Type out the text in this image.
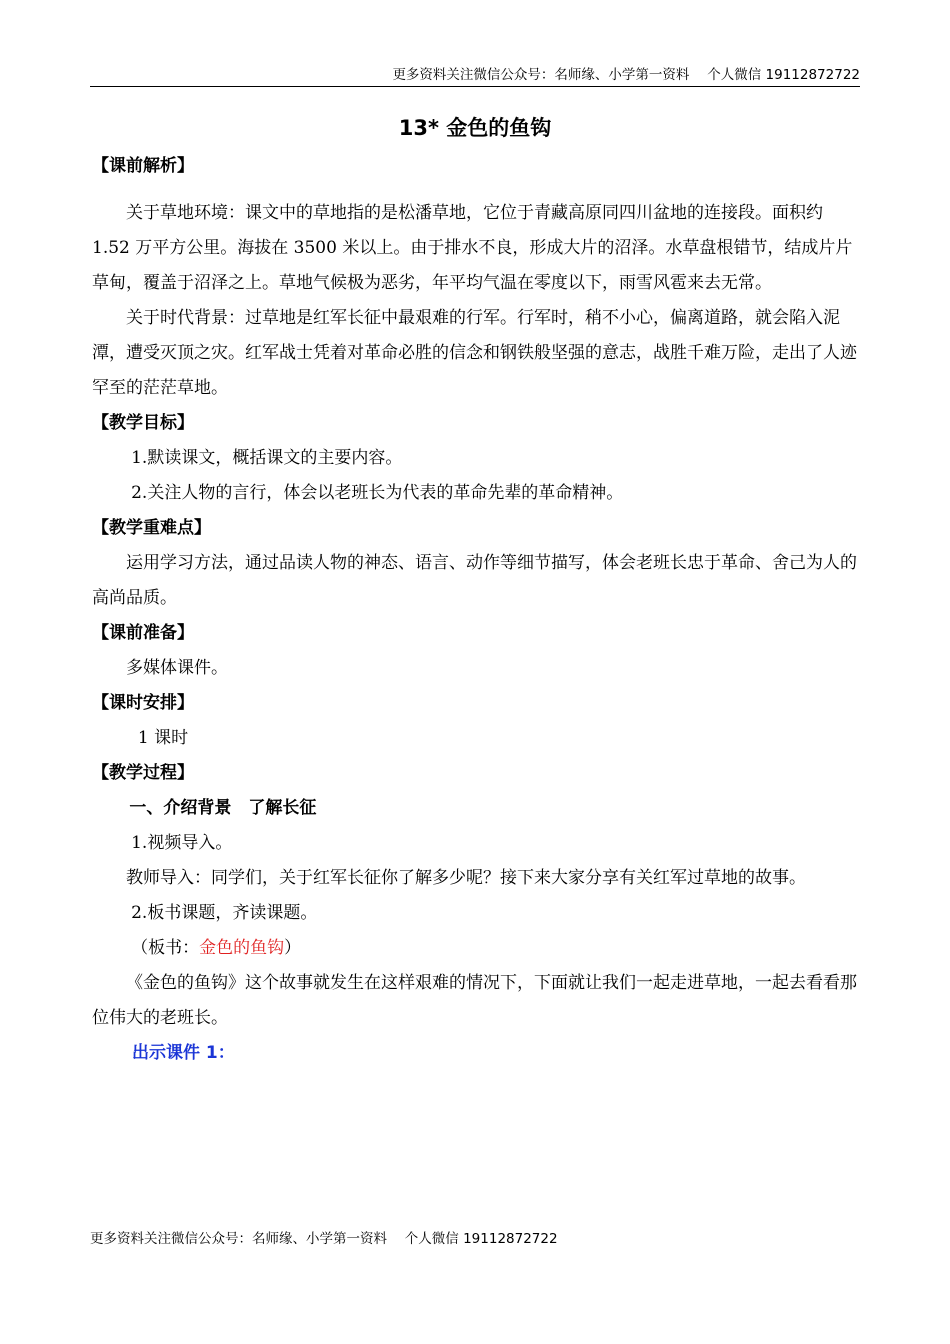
更多资料关注微信公众号：名师缘、小学第一资料　 个人微信 19112872722
13* 金色的鱼钩

【课前解析】

关于草地环境：课文中的草地指的是松潘草地，它位于青藏高原同四川盆地的连接段。面积约 1.52 万平方公里。海拔在 3500 米以上。由于排水不良，形成大片的沼泽。水草盘根错节，结成片片草甸，覆盖于沼泽之上。草地气候极为恶劣，年平均气温在零度以下，雨雪风雹来去无常。

关于时代背景：过草地是红军长征中最艰难的行军。行军时，稍不小心，偏离道路，就会陷入泥潭，遭受灭顶之灾。红军战士凭着对革命必胜的信念和钢铁般坚强的意志，战胜千难万险，走出了人迹罕至的茫茫草地。

【教学目标】

1.默读课文，概括课文的主要内容。

2.关注人物的言行，体会以老班长为代表的革命先辈的革命精神。

【教学重难点】

运用学习方法，通过品读人物的神态、语言、动作等细节描写，体会老班长忠于革命、舍己为人的高尚品质。

【课前准备】

多媒体课件。

【课时安排】

1 课时

【教学过程】

一、介绍背景　了解长征

1.视频导入。

教师导入：同学们，关于红军长征你了解多少呢？接下来大家分享有关红军过草地的故事。

2.板书课题，齐读课题。

（板书：金色的鱼钩）

《金色的鱼钩》这个故事就发生在这样艰难的情况下，下面就让我们一起走进草地，一起去看看那位伟大的老班长。

出示课件 1：

更多资料关注微信公众号：名师缘、小学第一资料　 个人微信 19112872722
